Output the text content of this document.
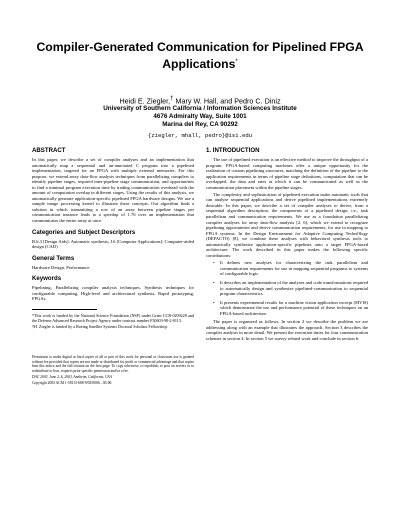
Compiler-Generated Communication for Pipelined FPGA
Applications*
Heidi E. Ziegler,† Mary W. Hall, and Pedro C. Diniz
University of Southern California / Information Sciences Institute
4676 Admiralty Way, Suite 1001
Marina del Rey, CA 90292
{ziegler, mhall, pedro}@isi.edu
ABSTRACT

In this paper, we describe a set of compiler analyses and an implementation that automatically map a sequential and un-annotated C program into a pipelined implementation, targeted for an FPGA with multiple external memories. For this purpose, we extend array data-flow analysis techniques from parallelizing compilers to identify pipeline stages, required inter-pipeline stage communication, and opportunities to find a minimal program execution time by trading communication overhead with the amount of computation overlap in different stages. Using the results of this analysis, we automatically generate application-specific pipelined FPGA hardware designs. We use a sample image processing kernel to illustrate these concepts. Our algorithm finds a solution in which transmitting a row of an array between pipeline stages per communication instance leads to a speedup of 1.76 over an implementation that communicates the entire array at once.

Categories and Subject Descriptors

B.6.3 [Design Aids]: Automatic synthesis; J.6 [Computer Applications]: Computer-aided design (CAD)

General Terms

Hardware Design, Performance

Keywords

Pipelining, Parallelizing compiler analysis techniques, Synthesis techniques for configurable computing, High-level and architectural synthesis, Rapid prototyping, FPGAs.

*This work is funded by the National Science Foundation (NSF) under Grant CCR-0209228 and the Defense Advanced Research Project Agency under contract number F30603-98-2-0113.

†H. Ziegler is funded by a Boeing Satellite Systems Doctoral Scholars Fellowship.

Permission to make digital or hard copies of all or part of this work for personal or classroom use is granted without fee provided that copies are not made or distributed for profit or commercial advantage and that copies bear this notice and the full citation on the first page. To copy otherwise, to republish, to post on servers or to redistribute to lists, requires prior specific permission and/or a fee.

DAC 2003, June 2–6, 2003, Anaheim, California, USA

Copyright 2003 ACM 1-58113-688-9/03/0006 ...$5.00.

1. INTRODUCTION

The use of pipelined execution is an effective method to improve the throughput of a program. FPGA-based computing machines offer a unique opportunity for the realization of custom pipelining structures, matching the definition of the pipeline to the application requirements in terms of pipeline stage definitions, computation that can be overlapped, the data and rates at which it can be communicated as well as the communication placement within the pipeline stages.

The complexity and sophistication of pipelined execution make automatic tools that can analyze sequential applications and derive pipelined implementations extremely desirable. In this paper, we describe a set of compiler analyses to derive, from a sequential algorithm description, the components of a pipelined design, i.e., task parallelism and communication requirements. We use as a foundation parallelizing compiler analyses for array data-flow analysis [2, 6], which we extend to recognize pipelining opportunities and derive communication requirements, for use in mapping to FPGA systems. In the Design Environment for Adaptive Computing TechnOlogy (DEFACTO) [8], we combine these analyses with behavioral synthesis tools to automatically synthesize application-specific pipelines onto a target FPGA-based architecture. The work described in this paper makes the following specific contributions:

• It defines new analyses for characterizing the task parallelism and communication requirements for use in mapping sequential programs to systems of configurable logic.
• It describes an implementation of the analyses and code transformations required to automatically design and synthesize pipelined-communication to sequential program characteristics.
• It presents experimental results for a machine vision application excerpt (MVIS) which demonstrate the use and performance potential of these techniques on an FPGA-based architecture.

The paper is organized as follows. In section 2 we describe the problem we are addressing along with an example that illustrates the approach. Section 3 describes the compiler analysis in more detail. We present the execution times for four communication schemes in section 4. In section 5 we survey related work and conclude in section 6.
